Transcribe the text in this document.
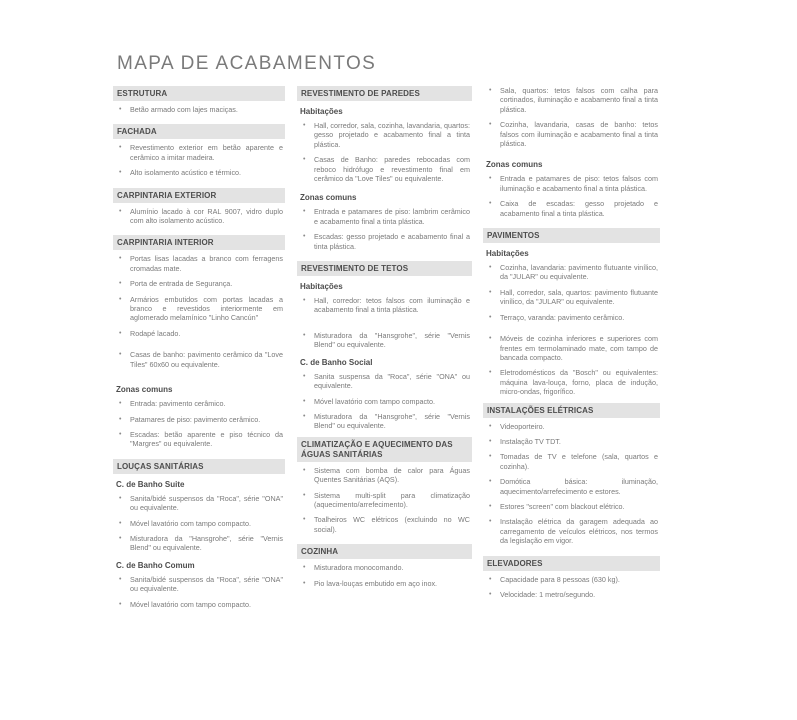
MAPA DE ACABAMENTOS
ESTRUTURA
• Betão armado com lajes maciças.
FACHADA
• Revestimento exterior em betão aparente e cerâmico a imitar madeira.
• Alto isolamento acústico e térmico.
CARPINTARIA EXTERIOR
• Alumínio lacado à cor RAL 9007, vidro duplo com alto isolamento acústico.
CARPINTARIA INTERIOR
• Portas lisas lacadas a branco com ferragens cromadas mate.
• Porta de entrada de Segurança.
• Armários embutidos com portas lacadas a branco e revestidos interiormente em aglomerado melamínico "Linho Cancún"
• Rodapé lacado.
• Casas de banho: pavimento cerâmico da "Love Tiles" 60x60 ou equivalente.
Zonas comuns
• Entrada: pavimento cerâmico.
• Patamares de piso: pavimento cerâmico.
• Escadas: betão aparente e piso técnico da "Margres" ou equivalente.
LOUÇAS SANITÁRIAS
C. de Banho Suite
• Sanita/bidé suspensos da "Roca", série "ONA" ou equivalente.
• Móvel lavatório com tampo compacto.
• Misturadora da "Hansgrohe", série "Vernis Blend" ou equivalente.
C. de Banho Comum
• Sanita/bidé suspensos da "Roca", série "ONA" ou equivalente.
• Móvel lavatório com tampo compacto.
REVESTIMENTO DE PAREDES
Habitações
• Hall, corredor, sala, cozinha, lavandaria, quartos: gesso projetado e acabamento final a tinta plástica.
• Casas de Banho: paredes rebocadas com reboco hidrófugo e revestimento final em cerâmico da "Love Tiles" ou equivalente.
Zonas comuns
• Entrada e patamares de piso: lambrim cerâmico e acabamento final a tinta plástica.
• Escadas: gesso projetado e acabamento final a tinta plástica.
REVESTIMENTO DE TETOS
Habitações
• Hall, corredor: tetos falsos com iluminação e acabamento final a tinta plástica.
• Misturadora da "Hansgrohe", série "Vernis Blend" ou equivalente.
C. de Banho Social
• Sanita suspensa da "Roca", série "ONA" ou equivalente.
• Móvel lavatório com tampo compacto.
• Misturadora da "Hansgrohe", série "Vernis Blend" ou equivalente.
CLIMATIZAÇÃO E AQUECIMENTO DAS ÁGUAS SANITÁRIAS
• Sistema com bomba de calor para Águas Quentes Sanitárias (AQS).
• Sistema multi-split para climatização (aquecimento/arrefecimento).
• Toalheiros WC elétricos (excluindo no WC social).
COZINHA
• Misturadora monocomando.
• Pio lava-louças embutido em aço inox.
• Sala, quartos: tetos falsos com calha para cortinados, iluminação e acabamento final a tinta plástica.
• Cozinha, lavandaria, casas de banho: tetos falsos com iluminação e acabamento final a tinta plástica.
Zonas comuns
• Entrada e patamares de piso: tetos falsos com iluminação e acabamento final a tinta plástica.
• Caixa de escadas: gesso projetado e acabamento final a tinta plástica.
PAVIMENTOS
Habitações
• Cozinha, lavandaria: pavimento flutuante vinílico, da "JULAR" ou equivalente.
• Hall, corredor, sala, quartos: pavimento flutuante vinílico, da "JULAR" ou equivalente.
• Terraço, varanda: pavimento cerâmico.
• Móveis de cozinha inferiores e superiores com frentes em termolaminado mate, com tampo de bancada compacto.
• Eletrodomésticos da "Bosch" ou equivalentes: máquina lava-louça, forno, placa de indução, micro-ondas, frigorífico.
INSTALAÇÕES ELÉTRICAS
• Videoporteiro.
• Instalação TV TDT.
• Tomadas de TV e telefone (sala, quartos e cozinha).
• Domótica básica: iluminação, aquecimento/arrefecimento e estores.
• Estores "screen" com blackout elétrico.
• Instalação elétrica da garagem adequada ao carregamento de veículos elétricos, nos termos da legislação em vigor.
ELEVADORES
• Capacidade para 8 pessoas (630 kg).
• Velocidade: 1 metro/segundo.
